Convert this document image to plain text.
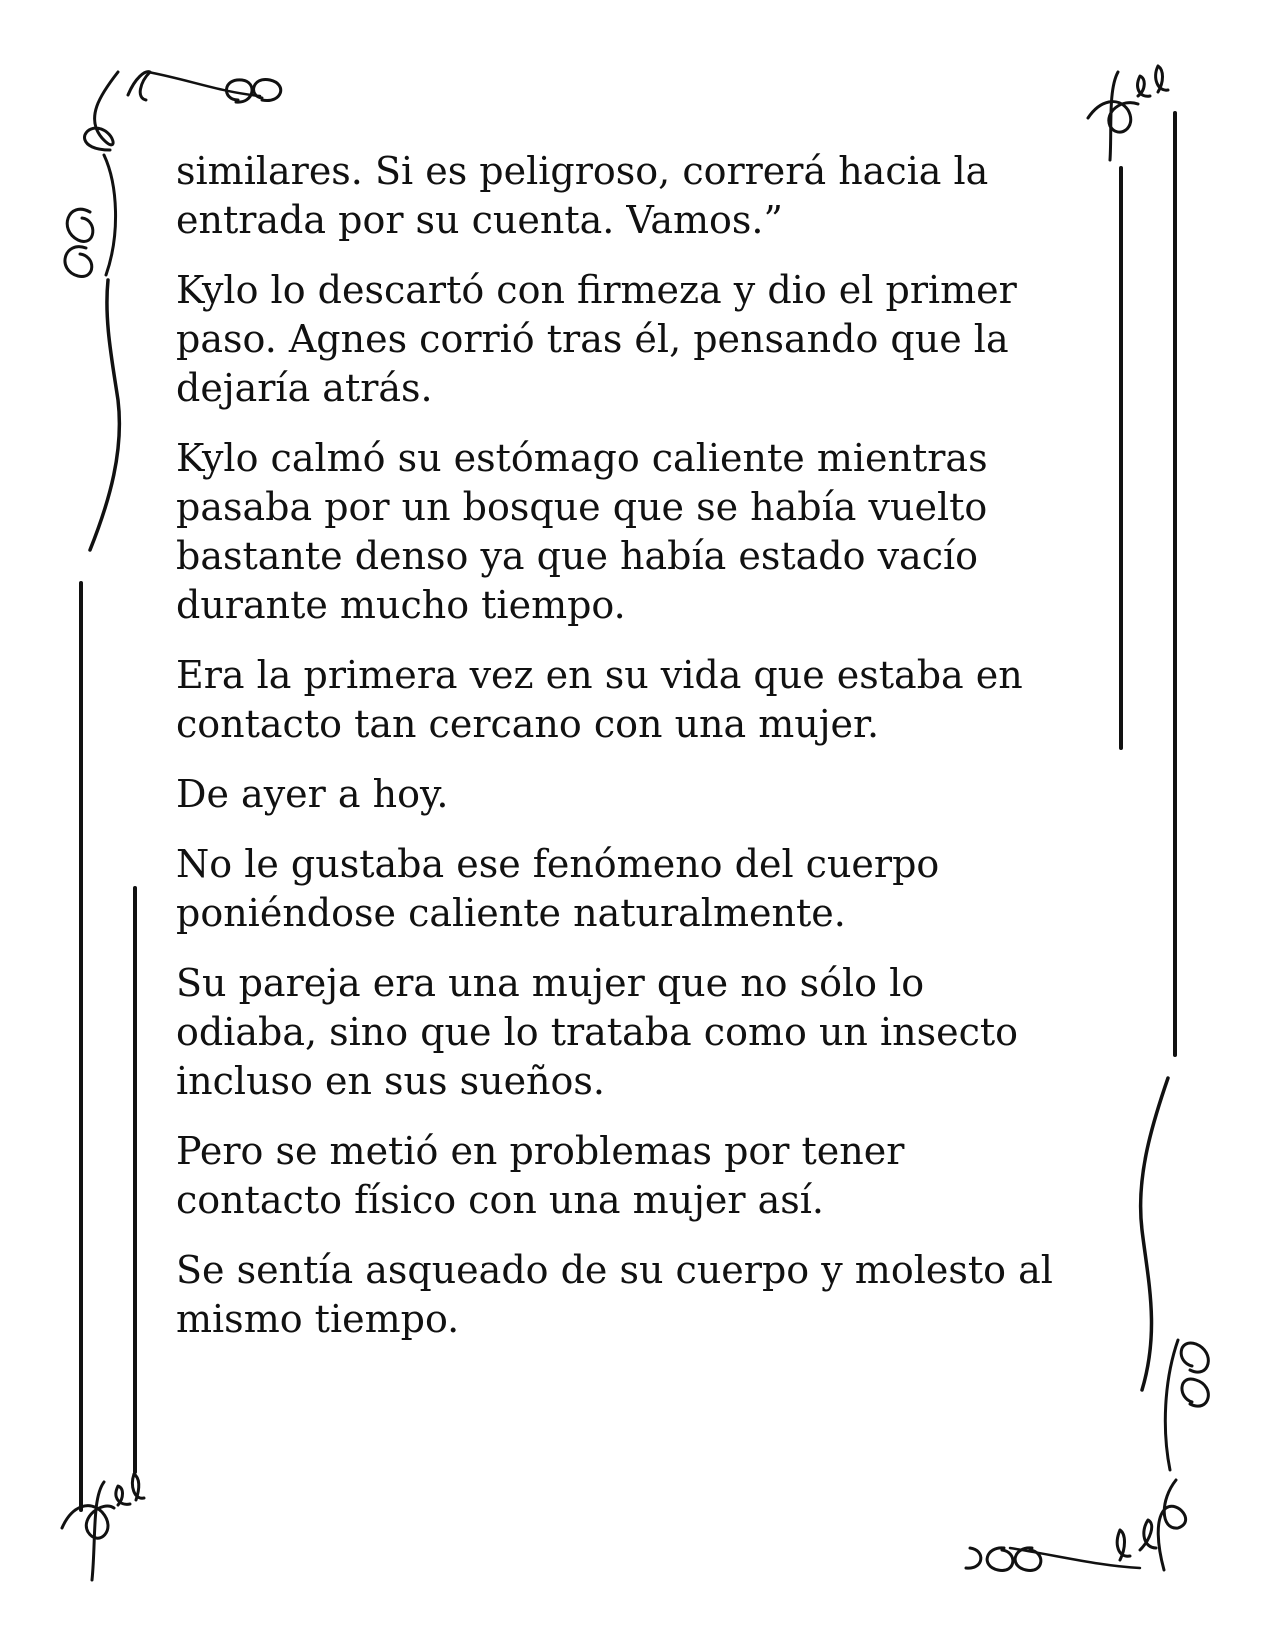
similares. Si es peligroso, correrá hacia la entrada por su cuenta. Vamos.”

Kylo lo descartó con firmeza y dio el primer paso. Agnes corrió tras él, pensando que la dejaría atrás.

Kylo calmó su estómago caliente mientras pasaba por un bosque que se había vuelto bastante denso ya que había estado vacío durante mucho tiempo.

Era la primera vez en su vida que estaba en contacto tan cercano con una mujer.

De ayer a hoy.

No le gustaba ese fenómeno del cuerpo poniéndose caliente naturalmente.

Su pareja era una mujer que no sólo lo odiaba, sino que lo trataba como un insecto incluso en sus sueños.

Pero se metió en problemas por tener contacto físico con una mujer así.

Se sentía asqueado de su cuerpo y molesto al mismo tiempo.
